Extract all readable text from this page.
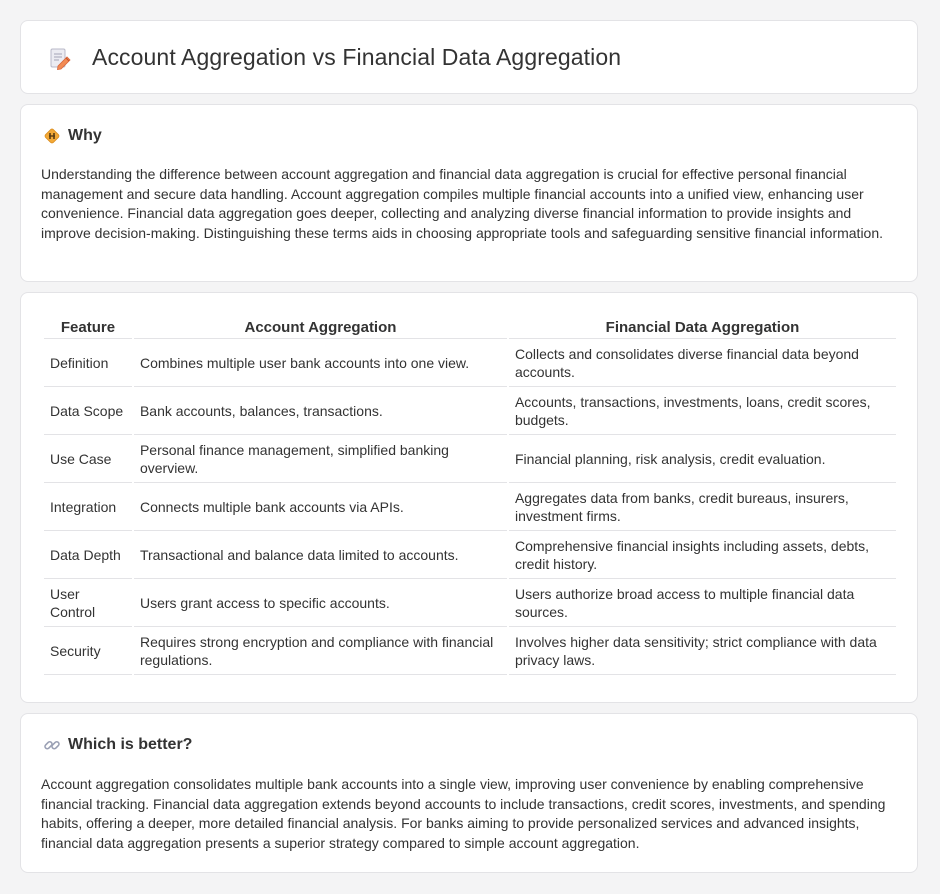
Account Aggregation vs Financial Data Aggregation
Why

Understanding the difference between account aggregation and financial data aggregation is crucial for effective personal financial management and secure data handling. Account aggregation compiles multiple financial accounts into a unified view, enhancing user convenience. Financial data aggregation goes deeper, collecting and analyzing diverse financial information to provide insights and improve decision-making. Distinguishing these terms aids in choosing appropriate tools and safeguarding sensitive financial information.

Feature	Account Aggregation	Financial Data Aggregation
Definition	Combines multiple user bank accounts into one view.	Collects and consolidates diverse financial data beyond accounts.
Data Scope	Bank accounts, balances, transactions.	Accounts, transactions, investments, loans, credit scores, budgets.
Use Case	Personal finance management, simplified banking overview.	Financial planning, risk analysis, credit evaluation.
Integration	Connects multiple bank accounts via APIs.	Aggregates data from banks, credit bureaus, insurers, investment firms.
Data Depth	Transactional and balance data limited to accounts.	Comprehensive financial insights including assets, debts, credit history.
User Control	Users grant access to specific accounts.	Users authorize broad access to multiple financial data sources.
Security	Requires strong encryption and compliance with financial regulations.	Involves higher data sensitivity; strict compliance with data privacy laws.
Which is better?

Account aggregation consolidates multiple bank accounts into a single view, improving user convenience by enabling comprehensive financial tracking. Financial data aggregation extends beyond accounts to include transactions, credit scores, investments, and spending habits, offering a deeper, more detailed financial analysis. For banks aiming to provide personalized services and advanced insights, financial data aggregation presents a superior strategy compared to simple account aggregation.
